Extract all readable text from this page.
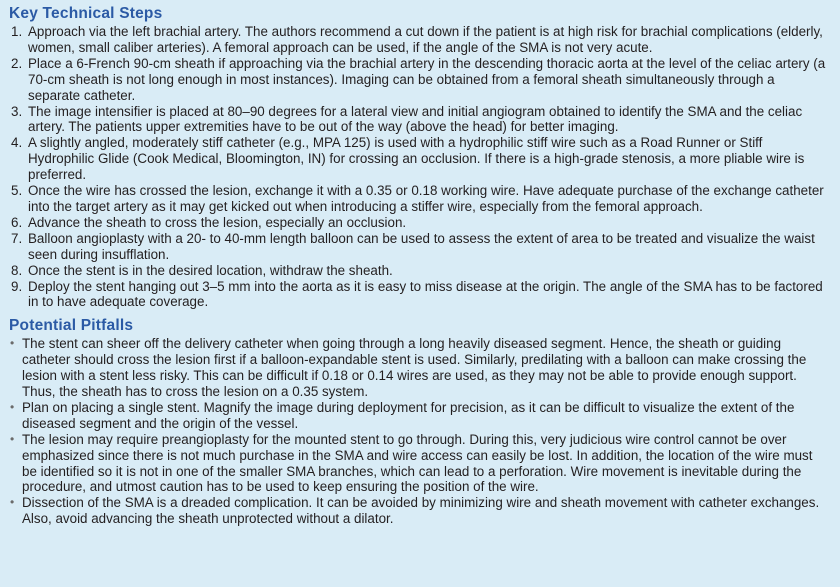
Key Technical Steps
1. Approach via the left brachial artery. The authors recommend a cut down if the patient is at high risk for brachial complications (elderly, women, small caliber arteries). A femoral approach can be used, if the angle of the SMA is not very acute.
2. Place a 6-French 90-cm sheath if approaching via the brachial artery in the descending thoracic aorta at the level of the celiac artery (a 70-cm sheath is not long enough in most instances). Imaging can be obtained from a femoral sheath simultaneously through a separate catheter.
3. The image intensifier is placed at 80–90 degrees for a lateral view and initial angiogram obtained to identify the SMA and the celiac artery. The patients upper extremities have to be out of the way (above the head) for better imaging.
4. A slightly angled, moderately stiff catheter (e.g., MPA 125) is used with a hydrophilic stiff wire such as a Road Runner or Stiff Hydrophilic Glide (Cook Medical, Bloomington, IN) for crossing an occlusion. If there is a high-grade stenosis, a more pliable wire is preferred.
5. Once the wire has crossed the lesion, exchange it with a 0.35 or 0.18 working wire. Have adequate purchase of the exchange catheter into the target artery as it may get kicked out when introducing a stiffer wire, especially from the femoral approach.
6. Advance the sheath to cross the lesion, especially an occlusion.
7. Balloon angioplasty with a 20- to 40-mm length balloon can be used to assess the extent of area to be treated and visualize the waist seen during insufflation.
8. Once the stent is in the desired location, withdraw the sheath.
9. Deploy the stent hanging out 3–5 mm into the aorta as it is easy to miss disease at the origin. The angle of the SMA has to be factored in to have adequate coverage.
Potential Pitfalls
• The stent can sheer off the delivery catheter when going through a long heavily diseased segment. Hence, the sheath or guiding catheter should cross the lesion first if a balloon-expandable stent is used. Similarly, predilating with a balloon can make crossing the lesion with a stent less risky. This can be difficult if 0.18 or 0.14 wires are used, as they may not be able to provide enough support. Thus, the sheath has to cross the lesion on a 0.35 system.
• Plan on placing a single stent. Magnify the image during deployment for precision, as it can be difficult to visualize the extent of the diseased segment and the origin of the vessel.
• The lesion may require preangioplasty for the mounted stent to go through. During this, very judicious wire control cannot be over emphasized since there is not much purchase in the SMA and wire access can easily be lost. In addition, the location of the wire must be identified so it is not in one of the smaller SMA branches, which can lead to a perforation. Wire movement is inevitable during the procedure, and utmost caution has to be used to keep ensuring the position of the wire.
• Dissection of the SMA is a dreaded complication. It can be avoided by minimizing wire and sheath movement with catheter exchanges. Also, avoid advancing the sheath unprotected without a dilator.
